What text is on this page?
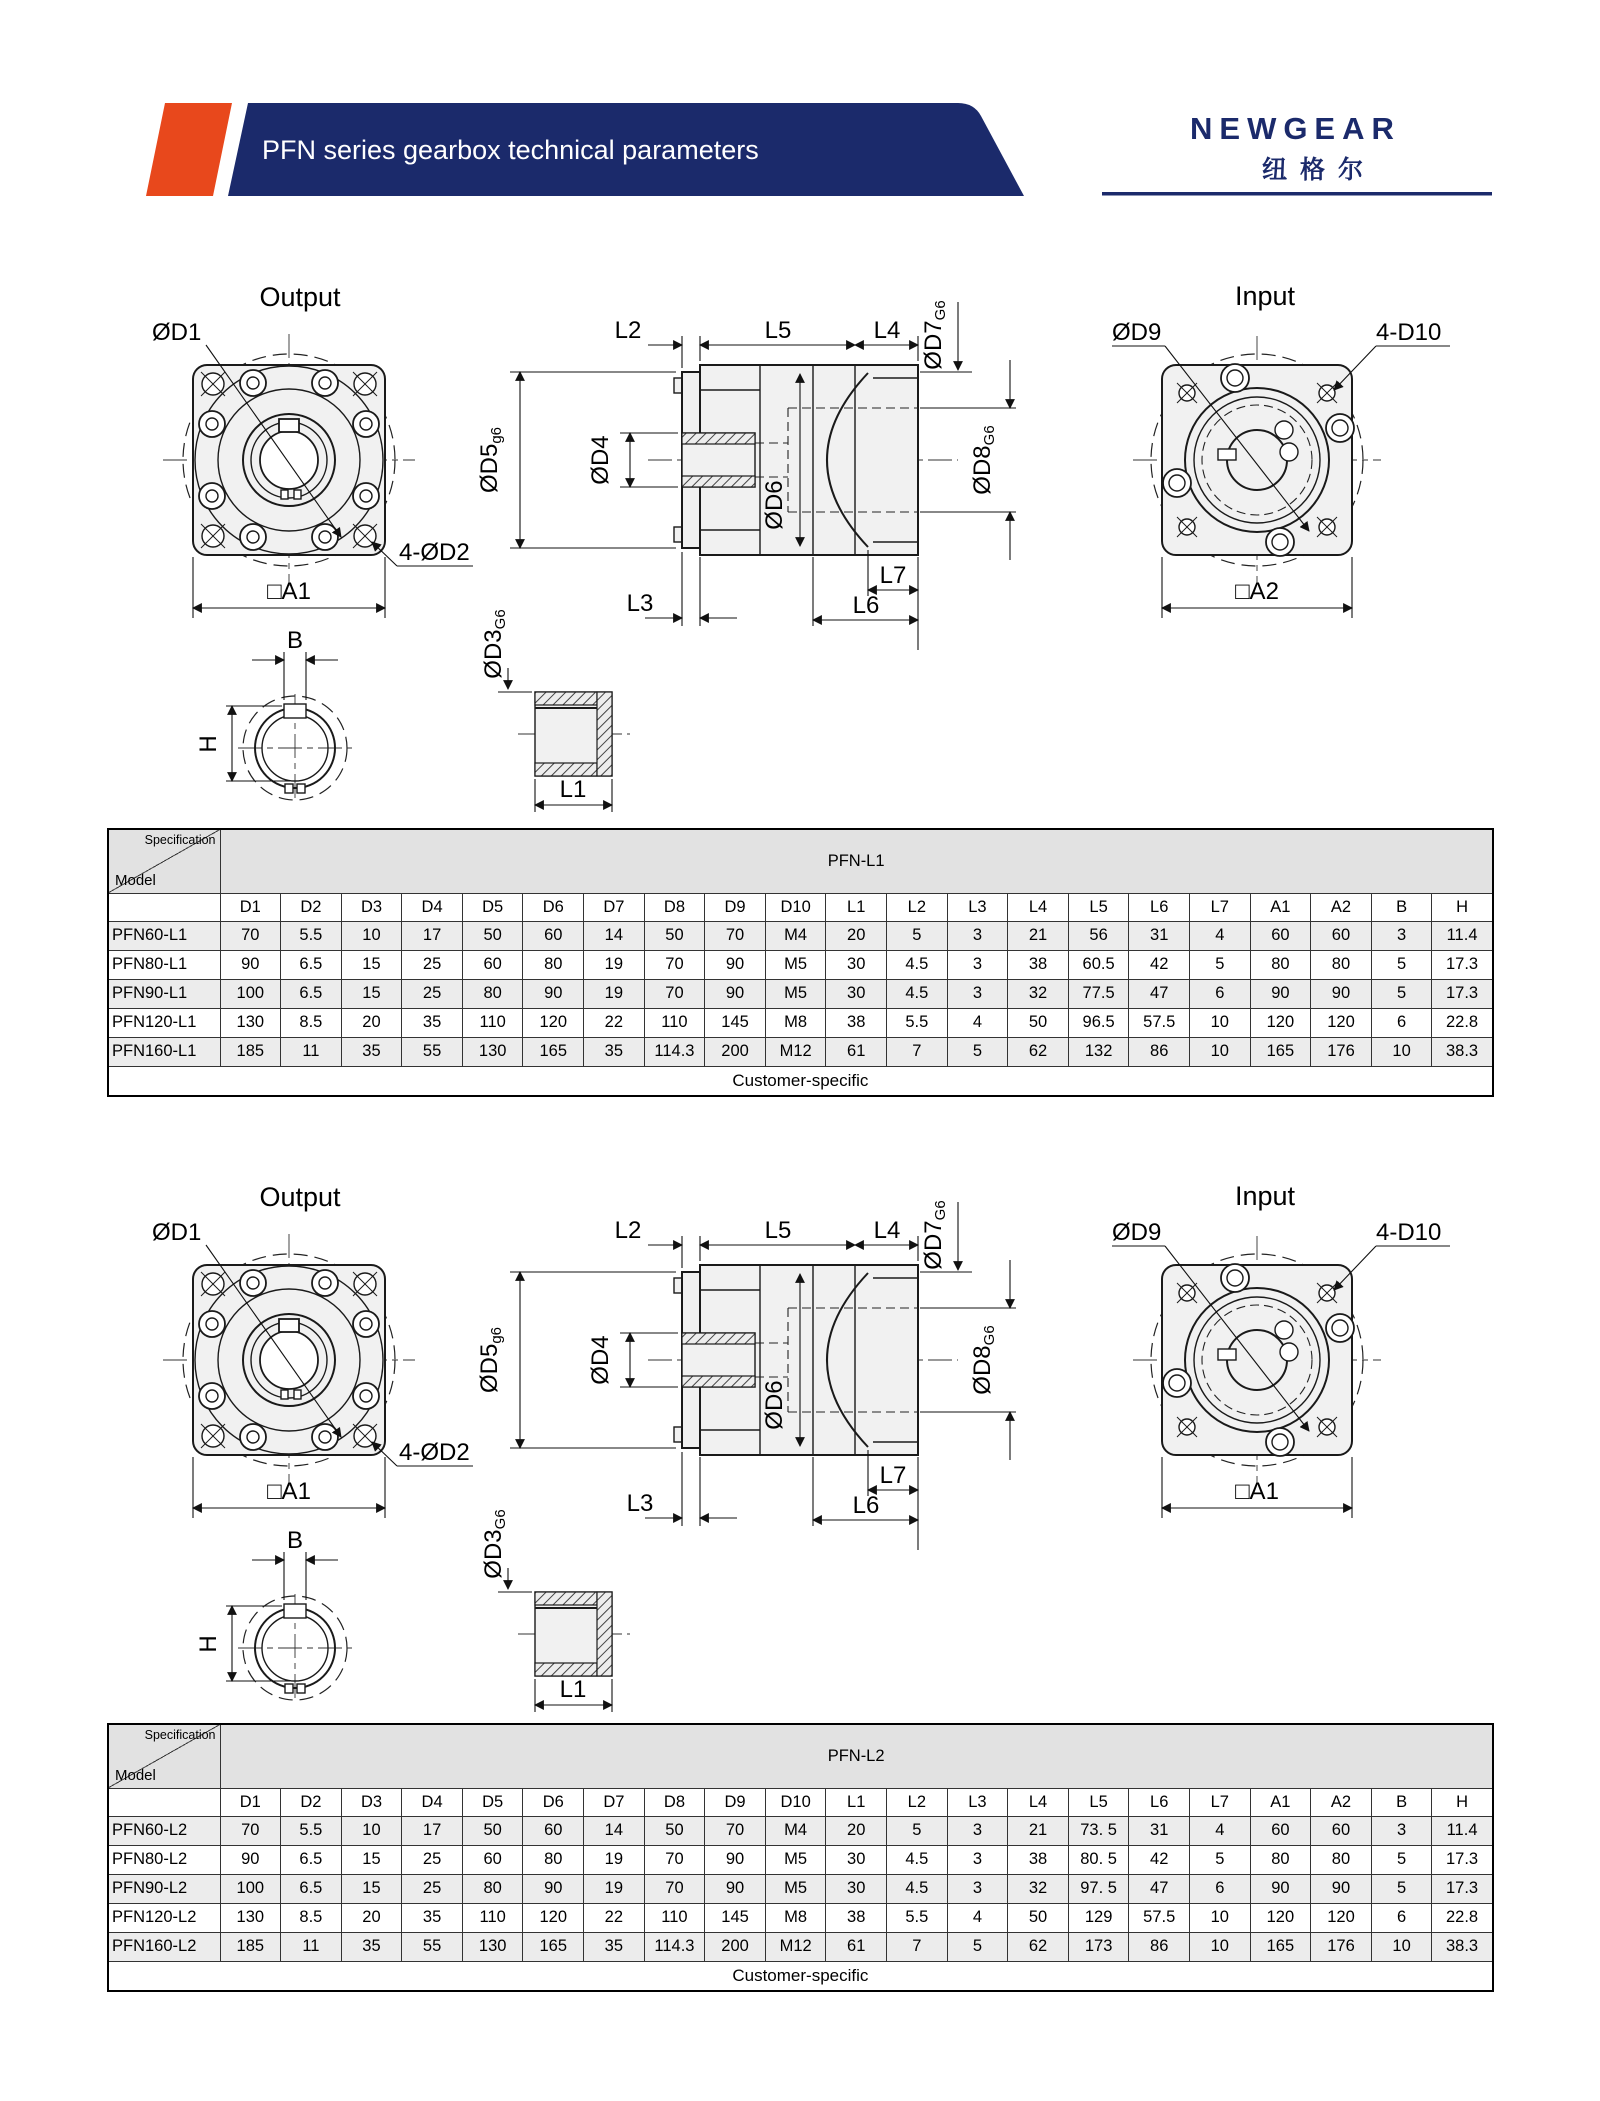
PFN series gearbox technical parameters
NEWGEAR
纽格尔
Output
ØD1
4-ØD2
□A1
L2	L5	L4
ØD5g6	ØD4
ØD6
ØD7G6
ØD8G6
L7
L6
L3
Input
ØD9	4-D10
□A2
B
H
ØD3G6
L1
Specification
Model	PFN-L1																				
	D1	D2	D3	D4	D5	D6	D7	D8	D9	D10	L1	L2	L3	L4	L5	L6	L7	A1	A2	B	H
PFN60-L1	70	5.5	10	17	50	60	14	50	70	M4	20	5	3	21	56	31	4	60	60	3	11.4
PFN80-L1	90	6.5	15	25	60	80	19	70	90	M5	30	4.5	3	38	60.5	42	5	80	80	5	17.3
PFN90-L1	100	6.5	15	25	80	90	19	70	90	M5	30	4.5	3	32	77.5	47	6	90	90	5	17.3
PFN120-L1	130	8.5	20	35	110	120	22	110	145	M8	38	5.5	4	50	96.5	57.5	10	120	120	6	22.8
PFN160-L1	185	11	35	55	130	165	35	114.3	200	M12	61	7	5	62	132	86	10	165	176	10	38.3
Customer-specific																					
Output
ØD1
4-ØD2
□A1
L2	L5	L4
ØD5g6	ØD4
ØD6
ØD7G6
ØD8G6
L7
L6
L3
Input
ØD9	4-D10
□A1
B
H
ØD3G6
L1
Specification
Model	PFN-L2																				
	D1	D2	D3	D4	D5	D6	D7	D8	D9	D10	L1	L2	L3	L4	L5	L6	L7	A1	A2	B	H
PFN60-L2	70	5.5	10	17	50	60	14	50	70	M4	20	5	3	21	73. 5	31	4	60	60	3	11.4
PFN80-L2	90	6.5	15	25	60	80	19	70	90	M5	30	4.5	3	38	80. 5	42	5	80	80	5	17.3
PFN90-L2	100	6.5	15	25	80	90	19	70	90	M5	30	4.5	3	32	97. 5	47	6	90	90	5	17.3
PFN120-L2	130	8.5	20	35	110	120	22	110	145	M8	38	5.5	4	50	129	57.5	10	120	120	6	22.8
PFN160-L2	185	11	35	55	130	165	35	114.3	200	M12	61	7	5	62	173	86	10	165	176	10	38.3
Customer-specific																					
